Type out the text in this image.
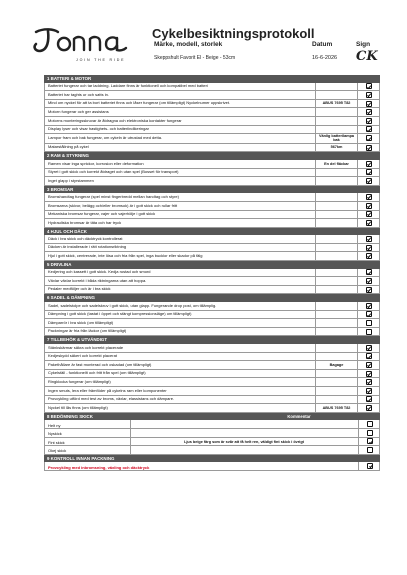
JOIN THE RIDE
Cykelbesiktningsprotokoll
Märke, modell, storlek
Skeppshult Favorit El - Beige - 53cm
Datum
16-6-2026
Sign
CK
1 BATTERI & MOTOR
Batteriet fungerar och tar laddning. Laddare finns är funktionell och kompatibel med batteri
Batteriet har taghts ur och satts in.
Mind om nyckel för att ta bort batteriet finns och låser fungerar (om tillämpligt) Nyckelnumer uppskrivet.	ABUS 7695 T82
Motorn fungerar och ger assistans
Motorns monteringsskruvar är åtdragna och elektroniska kontakter fungerar
Display lyser och visar hastighets- och batteriindikeringar
Lampor fram och bak fungerar, om cykeln är utrustad med detta.	Vänlig batterilampa bak
Matarstållning på cykel	567km
2 RAM & STYRNING
Ramen visar inga sprickor, korrosion eller deformation	En del fläckar
Styret i gott skick och korrekt åtdraget och utan spel (Bosset för transport)
Inget glapp i styrstammen
3 BROMSAR
Bromshandtag fungerar (spel minst fingerbredd mellan handtag och styre)
Bromsarna (skivor, belägg och/eller bromsok) är i gott skick och rullar fritt
Mekaniska bromsar fungerar, vajer och vajerhölje i gott skick
Hydrauliska bromsar är täta och har tryck
4 HJUL OCH DÄCK
Däck i bra skick och däcktryck kontrollerat
Däcken är installerade i rätt rotationsriktning
Hjul i gott skick, centrerade, inte lösa och fria från spel, inga bucklor eller skador på fälg
5 DRIVLINA
Kedjering och kassett i gott skick. Kedja rustad och smord
Växlar växlar korrekt i båda riktningarna utan att hoppa.
Pedaler medföljer och är i bra skick
6 SADEL & DÄMPNING
Sadel, sadelstolpe och sadelskruv i gott skick, utan glapp. Fungerande drop post, om tillämplig.
Dämpning i gott skick (tastat i öppet och stängt kompressionsläge) om tillämpligt)
Dämparrör i bra skick (om tillämpligt)
Packningar är fria från läckor (om tillämpligt)
7 TILLBEHÖR & UTVÄNDIGT
Stänkskärmar säkra och korrekt placerade
Kedjeskydd säkert och korrekt placerat
Pakethållare är fast monterad och oskadad (om tillämpligt)	Bagage
Cykelställ - funktionellt och fritt från spel (om tillämpligt)
Ringklocka fungerar (om tillämpligt)
Ingen smuts, lera eller främföder på cykelns ram eller komponenter
Provcykling utförd med test av broms, växlar, elassistans och dämpare.
Nyckel till lås finns (om tillämpligt)	ABUS 7695 T82
8 BEDÖMNING SKICK	Kommentar
Helt ny
Nyskick
Fint skick	Ljus beige färg som är svår att få helt ren, väldigt fint skick i övrigt
Okej skick
9 KONTROLL INNAN PACKNING
Provcykling med inbromsning, växling och däcktryck
